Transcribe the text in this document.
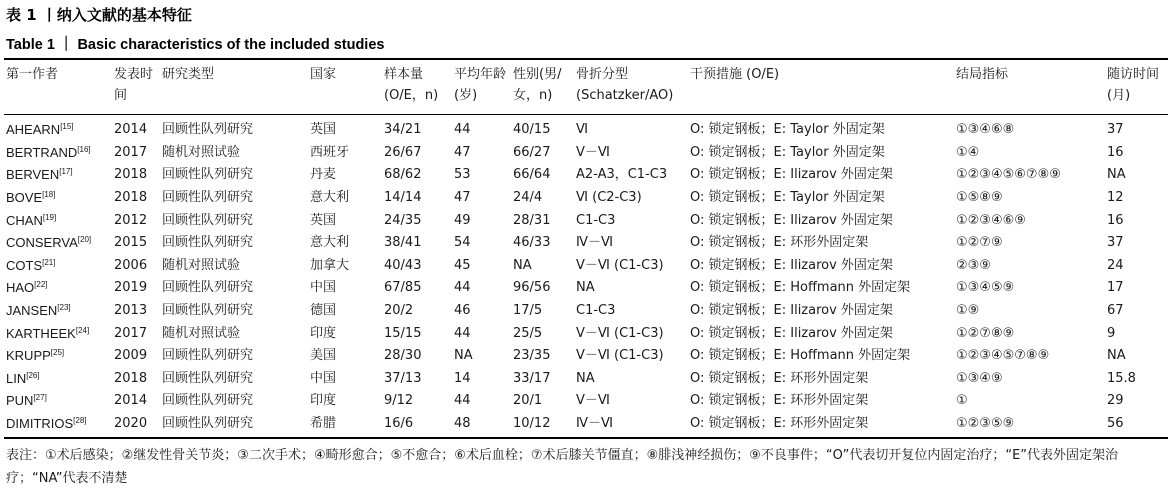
表 1 丨纳入文献的基本特征
Table 1 ｜ Basic characteristics of the included studies
第一作者	发表时间	研究类型	国家	样本量(O/E，n)	平均年龄(岁)	性别(男/女，n)	骨折分型(Schatzker/AO)	干预措施 (O/E)	结局指标	随访时间(月)
AHEARN[15]	2014	回顾性队列研究	英国	34/21	44	40/15	Ⅵ	O: 锁定钢板；E: Taylor 外固定架	①③④⑥⑧	37
BERTRAND[16]	2017	随机对照试验	西班牙	26/67	47	66/27	Ⅴ－Ⅵ	O: 锁定钢板；E: Taylor 外固定架	①④	16
BERVEN[17]	2018	回顾性队列研究	丹麦	68/62	53	66/64	A2-A3，C1-C3	O: 锁定钢板；E: Ilizarov 外固定架	①②③④⑤⑥⑦⑧⑨	NA
BOVE[18]	2018	回顾性队列研究	意大利	14/14	47	24/4	Ⅵ (C2-C3)	O: 锁定钢板；E: Taylor 外固定架	①⑤⑧⑨	12
CHAN[19]	2012	回顾性队列研究	英国	24/35	49	28/31	C1-C3	O: 锁定钢板；E: Ilizarov 外固定架	①②③④⑥⑨	16
CONSERVA[20]	2015	回顾性队列研究	意大利	38/41	54	46/33	Ⅳ－Ⅵ	O: 锁定钢板；E: 环形外固定架	①②⑦⑨	37
COTS[21]	2006	随机对照试验	加拿大	40/43	45	NA	Ⅴ－Ⅵ (C1-C3)	O: 锁定钢板；E: Ilizarov 外固定架	②③⑨	24
HAO[22]	2019	回顾性队列研究	中国	67/85	44	96/56	NA	O: 锁定钢板；E: Hoffmann 外固定架	①③④⑤⑨	17
JANSEN[23]	2013	回顾性队列研究	德国	20/2	46	17/5	C1-C3	O: 锁定钢板；E: Ilizarov 外固定架	①⑨	67
KARTHEEK[24]	2017	随机对照试验	印度	15/15	44	25/5	Ⅴ－Ⅵ (C1-C3)	O: 锁定钢板；E: Ilizarov 外固定架	①②⑦⑧⑨	9
KRUPP[25]	2009	回顾性队列研究	美国	28/30	NA	23/35	Ⅴ－Ⅵ (C1-C3)	O: 锁定钢板；E: Hoffmann 外固定架	①②③④⑤⑦⑧⑨	NA
LIN[26]	2018	回顾性队列研究	中国	37/13	14	33/17	NA	O: 锁定钢板；E: 环形外固定架	①③④⑨	15.8
PUN[27]	2014	回顾性队列研究	印度	9/12	44	20/1	Ⅴ－Ⅵ	O: 锁定钢板；E: 环形外固定架	①	29
DIMITRIOS[28]	2020	回顾性队列研究	希腊	16/6	48	10/12	Ⅳ－Ⅵ	O: 锁定钢板；E: 环形外固定架	①②③⑤⑨	56
表注：①术后感染；②继发性骨关节炎；③二次手术；④畸形愈合；⑤不愈合；⑥术后血栓；⑦术后膝关节僵直；⑧腓浅神经损伤；⑨不良事件；“O”代表切开复位内固定治疗；“E”代表外固定架治疗；“NA”代表不清楚
